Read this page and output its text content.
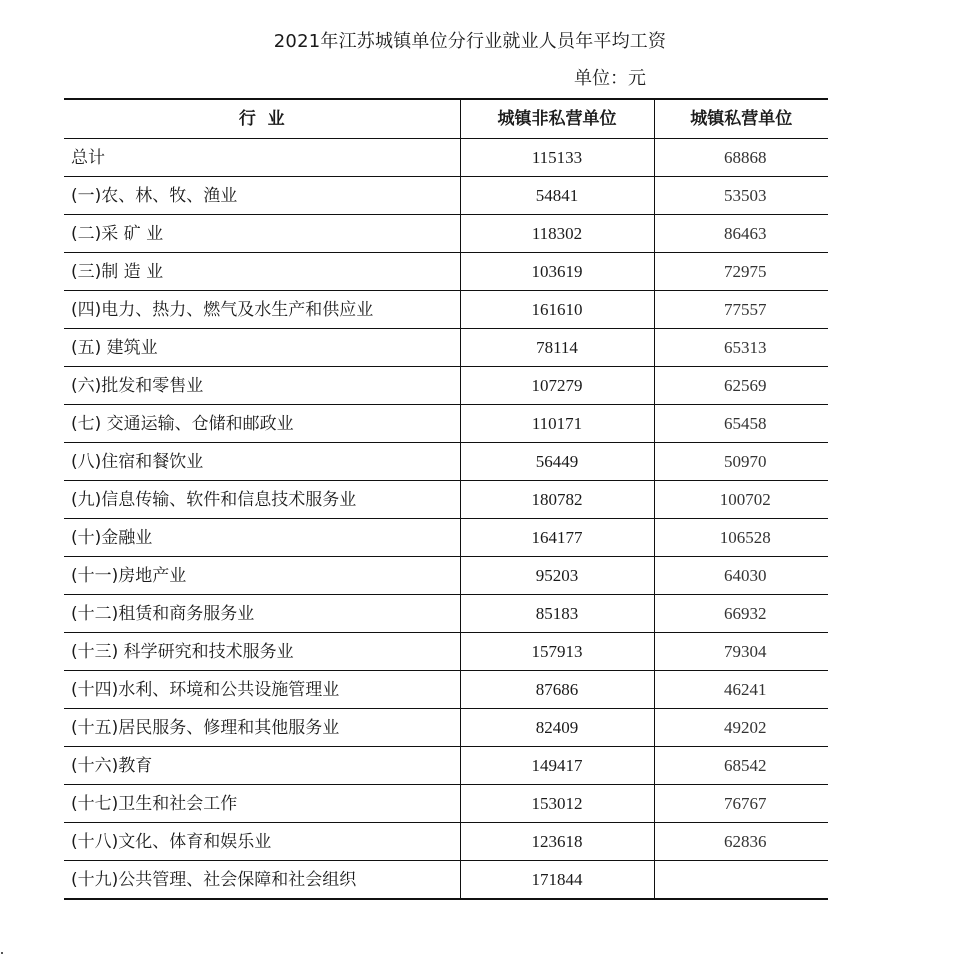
2021年江苏城镇单位分行业就业人员年平均工资
单位：元
行  业	城镇非私营单位	城镇私营单位
总计	115133	68868
(一)农、林、牧、渔业	54841	53503
(二)采 矿 业	118302	86463
(三)制 造 业	103619	72975
(四)电力、热力、燃气及水生产和供应业	161610	77557
(五) 建筑业	78114	65313
(六)批发和零售业	107279	62569
(七) 交通运输、仓储和邮政业	110171	65458
(八)住宿和餐饮业	56449	50970
(九)信息传输、软件和信息技术服务业	180782	100702
(十)金融业	164177	106528
(十一)房地产业	95203	64030
(十二)租赁和商务服务业	85183	66932
(十三) 科学研究和技术服务业	157913	79304
(十四)水利、环境和公共设施管理业	87686	46241
(十五)居民服务、修理和其他服务业	82409	49202
(十六)教育	149417	68542
(十七)卫生和社会工作	153012	76767
(十八)文化、体育和娱乐业	123618	62836
(十九)公共管理、社会保障和社会组织	171844	
